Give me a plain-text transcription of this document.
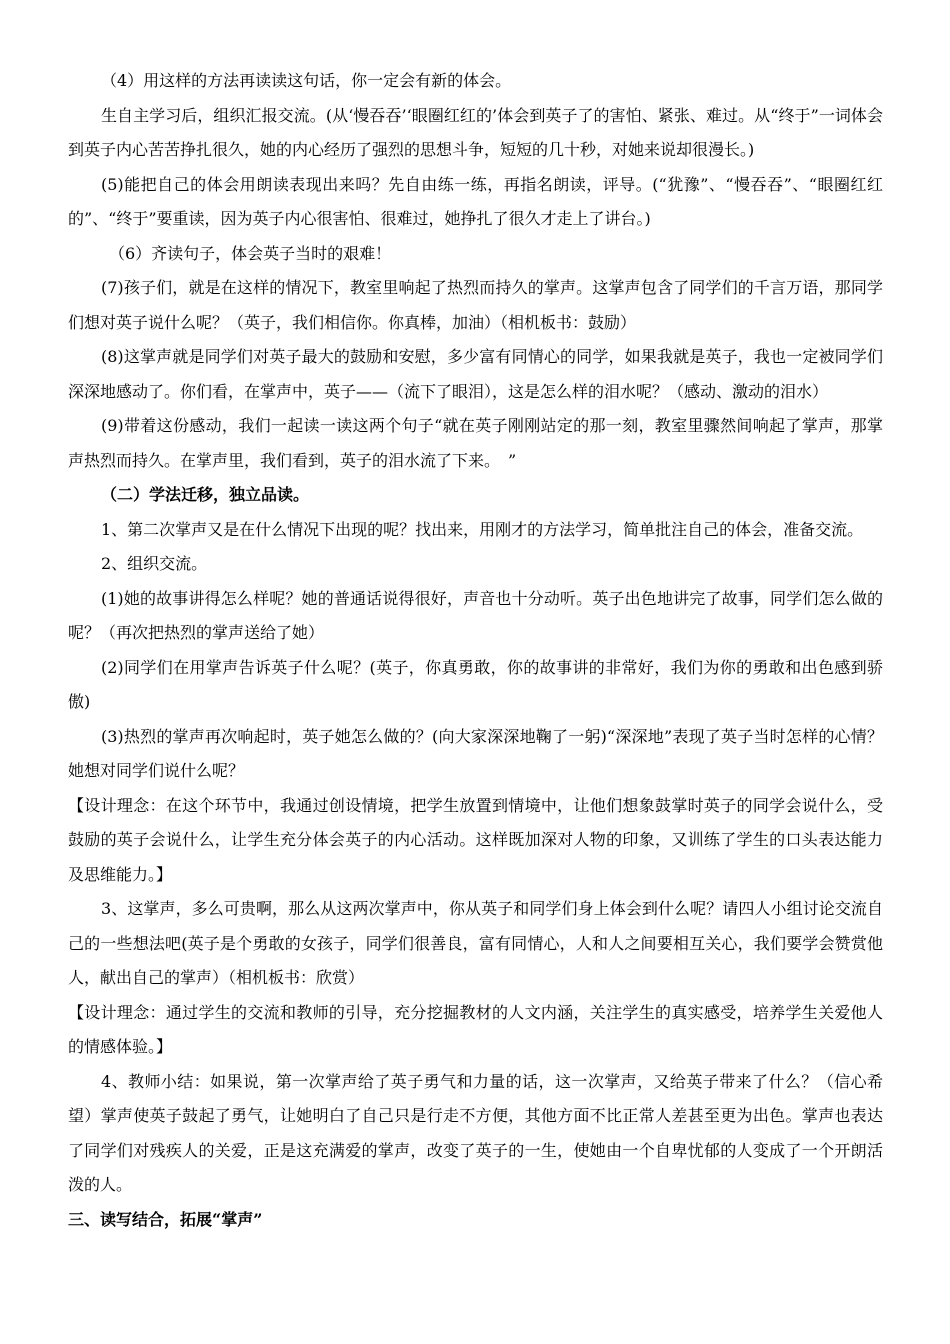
（4）用这样的方法再读读这句话，你一定会有新的体会。

生自主学习后，组织汇报交流。(从‘慢吞吞’‘眼圈红红的’体会到英子了的害怕、紧张、难过。从“终于”一词体会到英子内心苦苦挣扎很久，她的内心经历了强烈的思想斗争，短短的几十秒，对她来说却很漫长。)

(5)能把自己的体会用朗读表现出来吗？先自由练一练，再指名朗读，评导。(“犹豫”、“慢吞吞”、“眼圈红红的”、“终于”要重读，因为英子内心很害怕、很难过，她挣扎了很久才走上了讲台。)

（6）齐读句子，体会英子当时的艰难！

(7)孩子们，就是在这样的情况下，教室里响起了热烈而持久的掌声。这掌声包含了同学们的千言万语，那同学们想对英子说什么呢？（英子，我们相信你。你真棒，加油）（相机板书：鼓励）

(8)这掌声就是同学们对英子最大的鼓励和安慰，多少富有同情心的同学，如果我就是英子，我也一定被同学们深深地感动了。你们看，在掌声中，英子——（流下了眼泪），这是怎么样的泪水呢？（感动、激动的泪水）

(9)带着这份感动，我们一起读一读这两个句子“就在英子刚刚站定的那一刻，教室里骤然间响起了掌声，那掌声热烈而持久。在掌声里，我们看到，英子的泪水流了下来。　”

（二）学法迁移，独立品读。

1、第二次掌声又是在什么情况下出现的呢？找出来，用刚才的方法学习，简单批注自己的体会，准备交流。

2、组织交流。

(1)她的故事讲得怎么样呢？她的普通话说得很好，声音也十分动听。英子出色地讲完了故事，同学们怎么做的呢？（再次把热烈的掌声送给了她）

(2)同学们在用掌声告诉英子什么呢？(英子，你真勇敢，你的故事讲的非常好，我们为你的勇敢和出色感到骄傲)

(3)热烈的掌声再次响起时，英子她怎么做的？(向大家深深地鞠了一躬)“深深地”表现了英子当时怎样的心情？她想对同学们说什么呢？

【设计理念：在这个环节中，我通过创设情境，把学生放置到情境中，让他们想象鼓掌时英子的同学会说什么，受鼓励的英子会说什么，让学生充分体会英子的内心活动。这样既加深对人物的印象，又训练了学生的口头表达能力及思维能力。】

3、这掌声，多么可贵啊，那么从这两次掌声中，你从英子和同学们身上体会到什么呢？请四人小组讨论交流自己的一些想法吧(英子是个勇敢的女孩子，同学们很善良，富有同情心，人和人之间要相互关心，我们要学会赞赏他人，献出自己的掌声）（相机板书：欣赏）

【设计理念：通过学生的交流和教师的引导，充分挖掘教材的人文内涵，关注学生的真实感受，培养学生关爱他人的情感体验。】

4、教师小结：如果说，第一次掌声给了英子勇气和力量的话，这一次掌声，又给英子带来了什么？（信心希望）掌声使英子鼓起了勇气，让她明白了自己只是行走不方便，其他方面不比正常人差甚至更为出色。掌声也表达了同学们对残疾人的关爱，正是这充满爱的掌声，改变了英子的一生，使她由一个自卑忧郁的人变成了一个开朗活泼的人。

三、读写结合，拓展“掌声”
